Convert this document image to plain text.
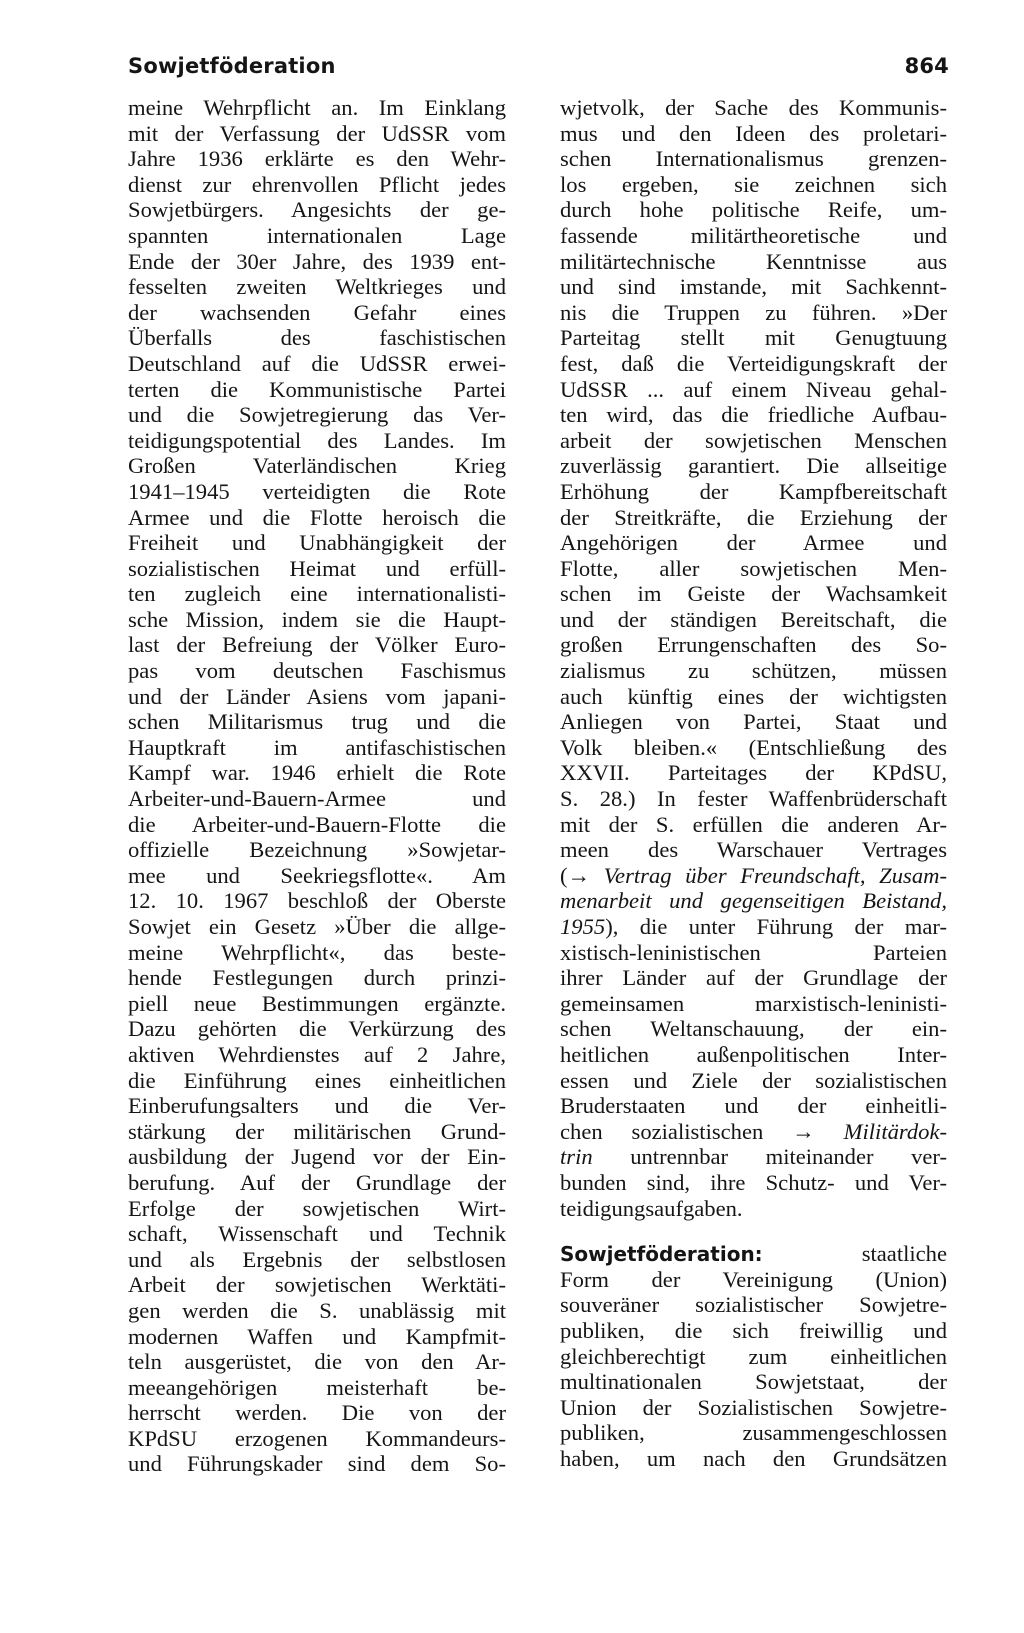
Sowjetföderation	864
meine Wehrpflicht an. Im Einklang
mit der Verfassung der UdSSR vom
Jahre 1936 erklärte es den Wehr-
dienst zur ehrenvollen Pflicht jedes
Sowjetbürgers. Angesichts der ge-
spannten internationalen Lage
Ende der 30er Jahre, des 1939 ent-
fesselten zweiten Weltkrieges und
der wachsenden Gefahr eines
Überfalls des faschistischen
Deutschland auf die UdSSR erwei-
terten die Kommunistische Partei
und die Sowjetregierung das Ver-
teidigungspotential des Landes. Im
Großen Vaterländischen Krieg
1941–1945 verteidigten die Rote
Armee und die Flotte heroisch die
Freiheit und Unabhängigkeit der
sozialistischen Heimat und erfüll-
ten zugleich eine internationalisti-
sche Mission, indem sie die Haupt-
last der Befreiung der Völker Euro-
pas vom deutschen Faschismus
und der Länder Asiens vom japani-
schen Militarismus trug und die
Hauptkraft im antifaschistischen
Kampf war. 1946 erhielt die Rote
Arbeiter-und-Bauern-Armee und
die Arbeiter-und-Bauern-Flotte die
offizielle Bezeichnung »Sowjetar-
mee und Seekriegsflotte«. Am
12. 10. 1967 beschloß der Oberste
Sowjet ein Gesetz »Über die allge-
meine Wehrpflicht«, das beste-
hende Festlegungen durch prinzi-
piell neue Bestimmungen ergänzte.
Dazu gehörten die Verkürzung des
aktiven Wehrdienstes auf 2 Jahre,
die Einführung eines einheitlichen
Einberufungsalters und die Ver-
stärkung der militärischen Grund-
ausbildung der Jugend vor der Ein-
berufung. Auf der Grundlage der
Erfolge der sowjetischen Wirt-
schaft, Wissenschaft und Technik
und als Ergebnis der selbstlosen
Arbeit der sowjetischen Werktäti-
gen werden die S. unablässig mit
modernen Waffen und Kampfmit-
teln ausgerüstet, die von den Ar-
meeangehörigen meisterhaft be-
herrscht werden. Die von der
KPdSU erzogenen Kommandeurs-
und Führungskader sind dem So-
wjetvolk, der Sache des Kommunis-
mus und den Ideen des proletari-
schen Internationalismus grenzen-
los ergeben, sie zeichnen sich
durch hohe politische Reife, um-
fassende militärtheoretische und
militärtechnische Kenntnisse aus
und sind imstande, mit Sachkennt-
nis die Truppen zu führen. »Der
Parteitag stellt mit Genugtuung
fest, daß die Verteidigungskraft der
UdSSR ... auf einem Niveau gehal-
ten wird, das die friedliche Aufbau-
arbeit der sowjetischen Menschen
zuverlässig garantiert. Die allseitige
Erhöhung der Kampfbereitschaft
der Streitkräfte, die Erziehung der
Angehörigen der Armee und
Flotte, aller sowjetischen Men-
schen im Geiste der Wachsamkeit
und der ständigen Bereitschaft, die
großen Errungenschaften des So-
zialismus zu schützen, müssen
auch künftig eines der wichtigsten
Anliegen von Partei, Staat und
Volk bleiben.« (Entschließung des
XXVII. Parteitages der KPdSU,
S. 28.) In fester Waffenbrüderschaft
mit der S. erfüllen die anderen Ar-
meen des Warschauer Vertrages
(→ Vertrag über Freundschaft, Zusam-
menarbeit und gegenseitigen Beistand,
1955), die unter Führung der mar-
xistisch-leninistischen Parteien
ihrer Länder auf der Grundlage der
gemeinsamen marxistisch-leninisti-
schen Weltanschauung, der ein-
heitlichen außenpolitischen Inter-
essen und Ziele der sozialistischen
Bruderstaaten und der einheitli-
chen sozialistischen → Militärdok-
trin untrennbar miteinander ver-
bunden sind, ihre Schutz- und Ver-
teidigungsaufgaben.
Sowjetföderation:	staatliche
Form der Vereinigung (Union)
souveräner sozialistischer Sowjetre-
publiken, die sich freiwillig und
gleichberechtigt zum einheitlichen
multinationalen Sowjetstaat, der
Union der Sozialistischen Sowjetre-
publiken, zusammengeschlossen
haben, um nach den Grundsätzen
